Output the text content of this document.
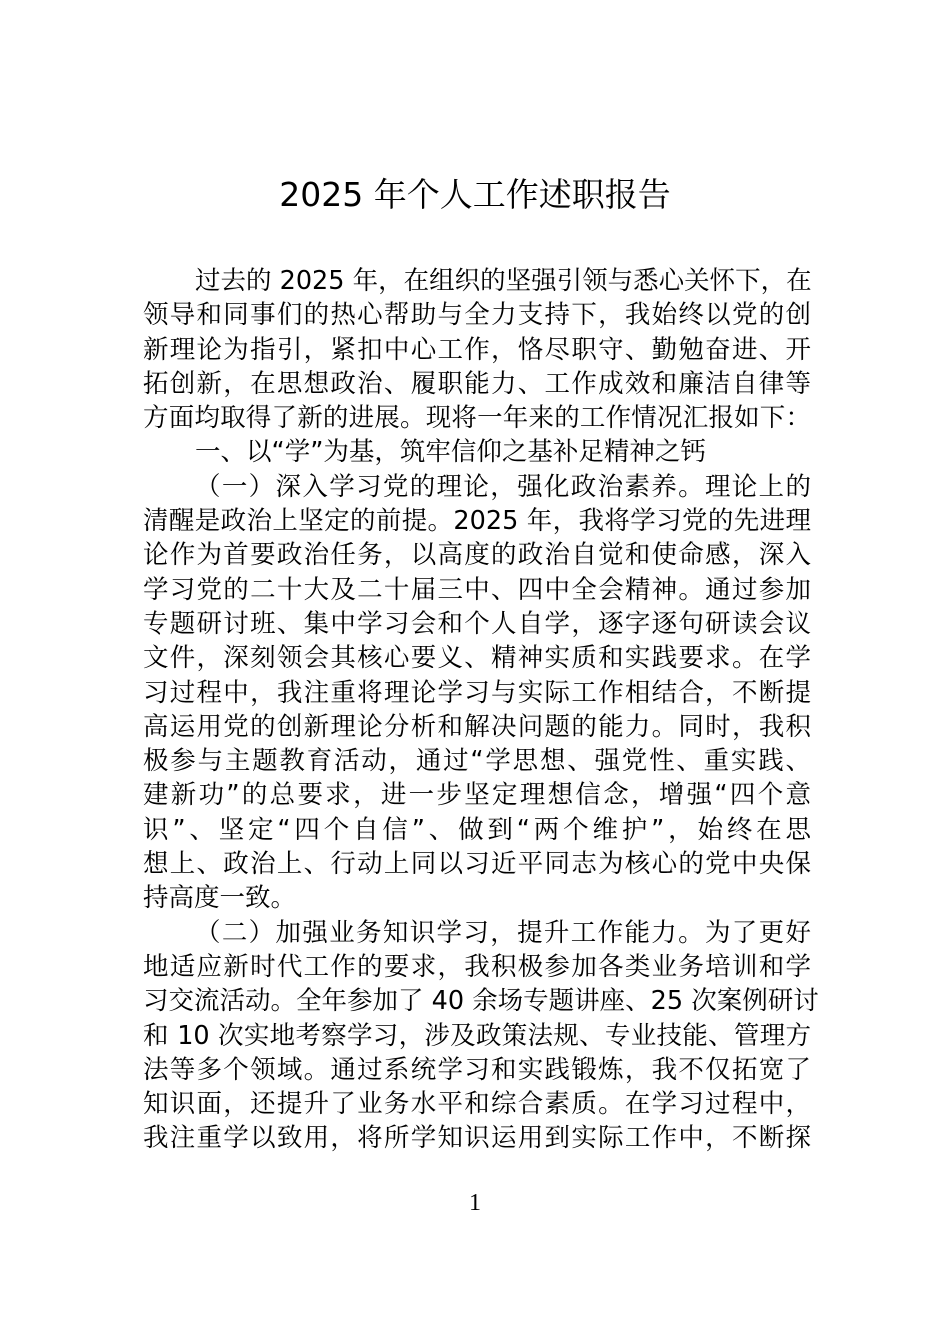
2025 年个人工作述职报告
过去的 2025 年，在组织的坚强引领与悉心关怀下，在
领导和同事们的热心帮助与全力支持下，我始终以党的创
新理论为指引，紧扣中心工作，恪尽职守、勤勉奋进、开
拓创新，在思想政治、履职能力、工作成效和廉洁自律等
方面均取得了新的进展。现将一年来的工作情况汇报如下：
一、以“学”为基，筑牢信仰之基补足精神之钙
（一）深入学习党的理论，强化政治素养。理论上的
清醒是政治上坚定的前提。2025 年，我将学习党的先进理
论作为首要政治任务，以高度的政治自觉和使命感，深入
学习党的二十大及二十届三中、四中全会精神。通过参加
专题研讨班、集中学习会和个人自学，逐字逐句研读会议
文件，深刻领会其核心要义、精神实质和实践要求。在学
习过程中，我注重将理论学习与实际工作相结合，不断提
高运用党的创新理论分析和解决问题的能力。同时，我积
极参与主题教育活动，通过“学思想、强党性、重实践、
建新功”的总要求，进一步坚定理想信念，增强“四个意
识”、坚定“四个自信”、做到“两个维护”，始终在思
想上、政治上、行动上同以习近平同志为核心的党中央保
持高度一致。
（二）加强业务知识学习，提升工作能力。为了更好
地适应新时代工作的要求，我积极参加各类业务培训和学
习交流活动。全年参加了 40 余场专题讲座、25 次案例研讨
和 10 次实地考察学习，涉及政策法规、专业技能、管理方
法等多个领域。通过系统学习和实践锻炼，我不仅拓宽了
知识面，还提升了业务水平和综合素质。在学习过程中，
我注重学以致用，将所学知识运用到实际工作中，不断探
1
